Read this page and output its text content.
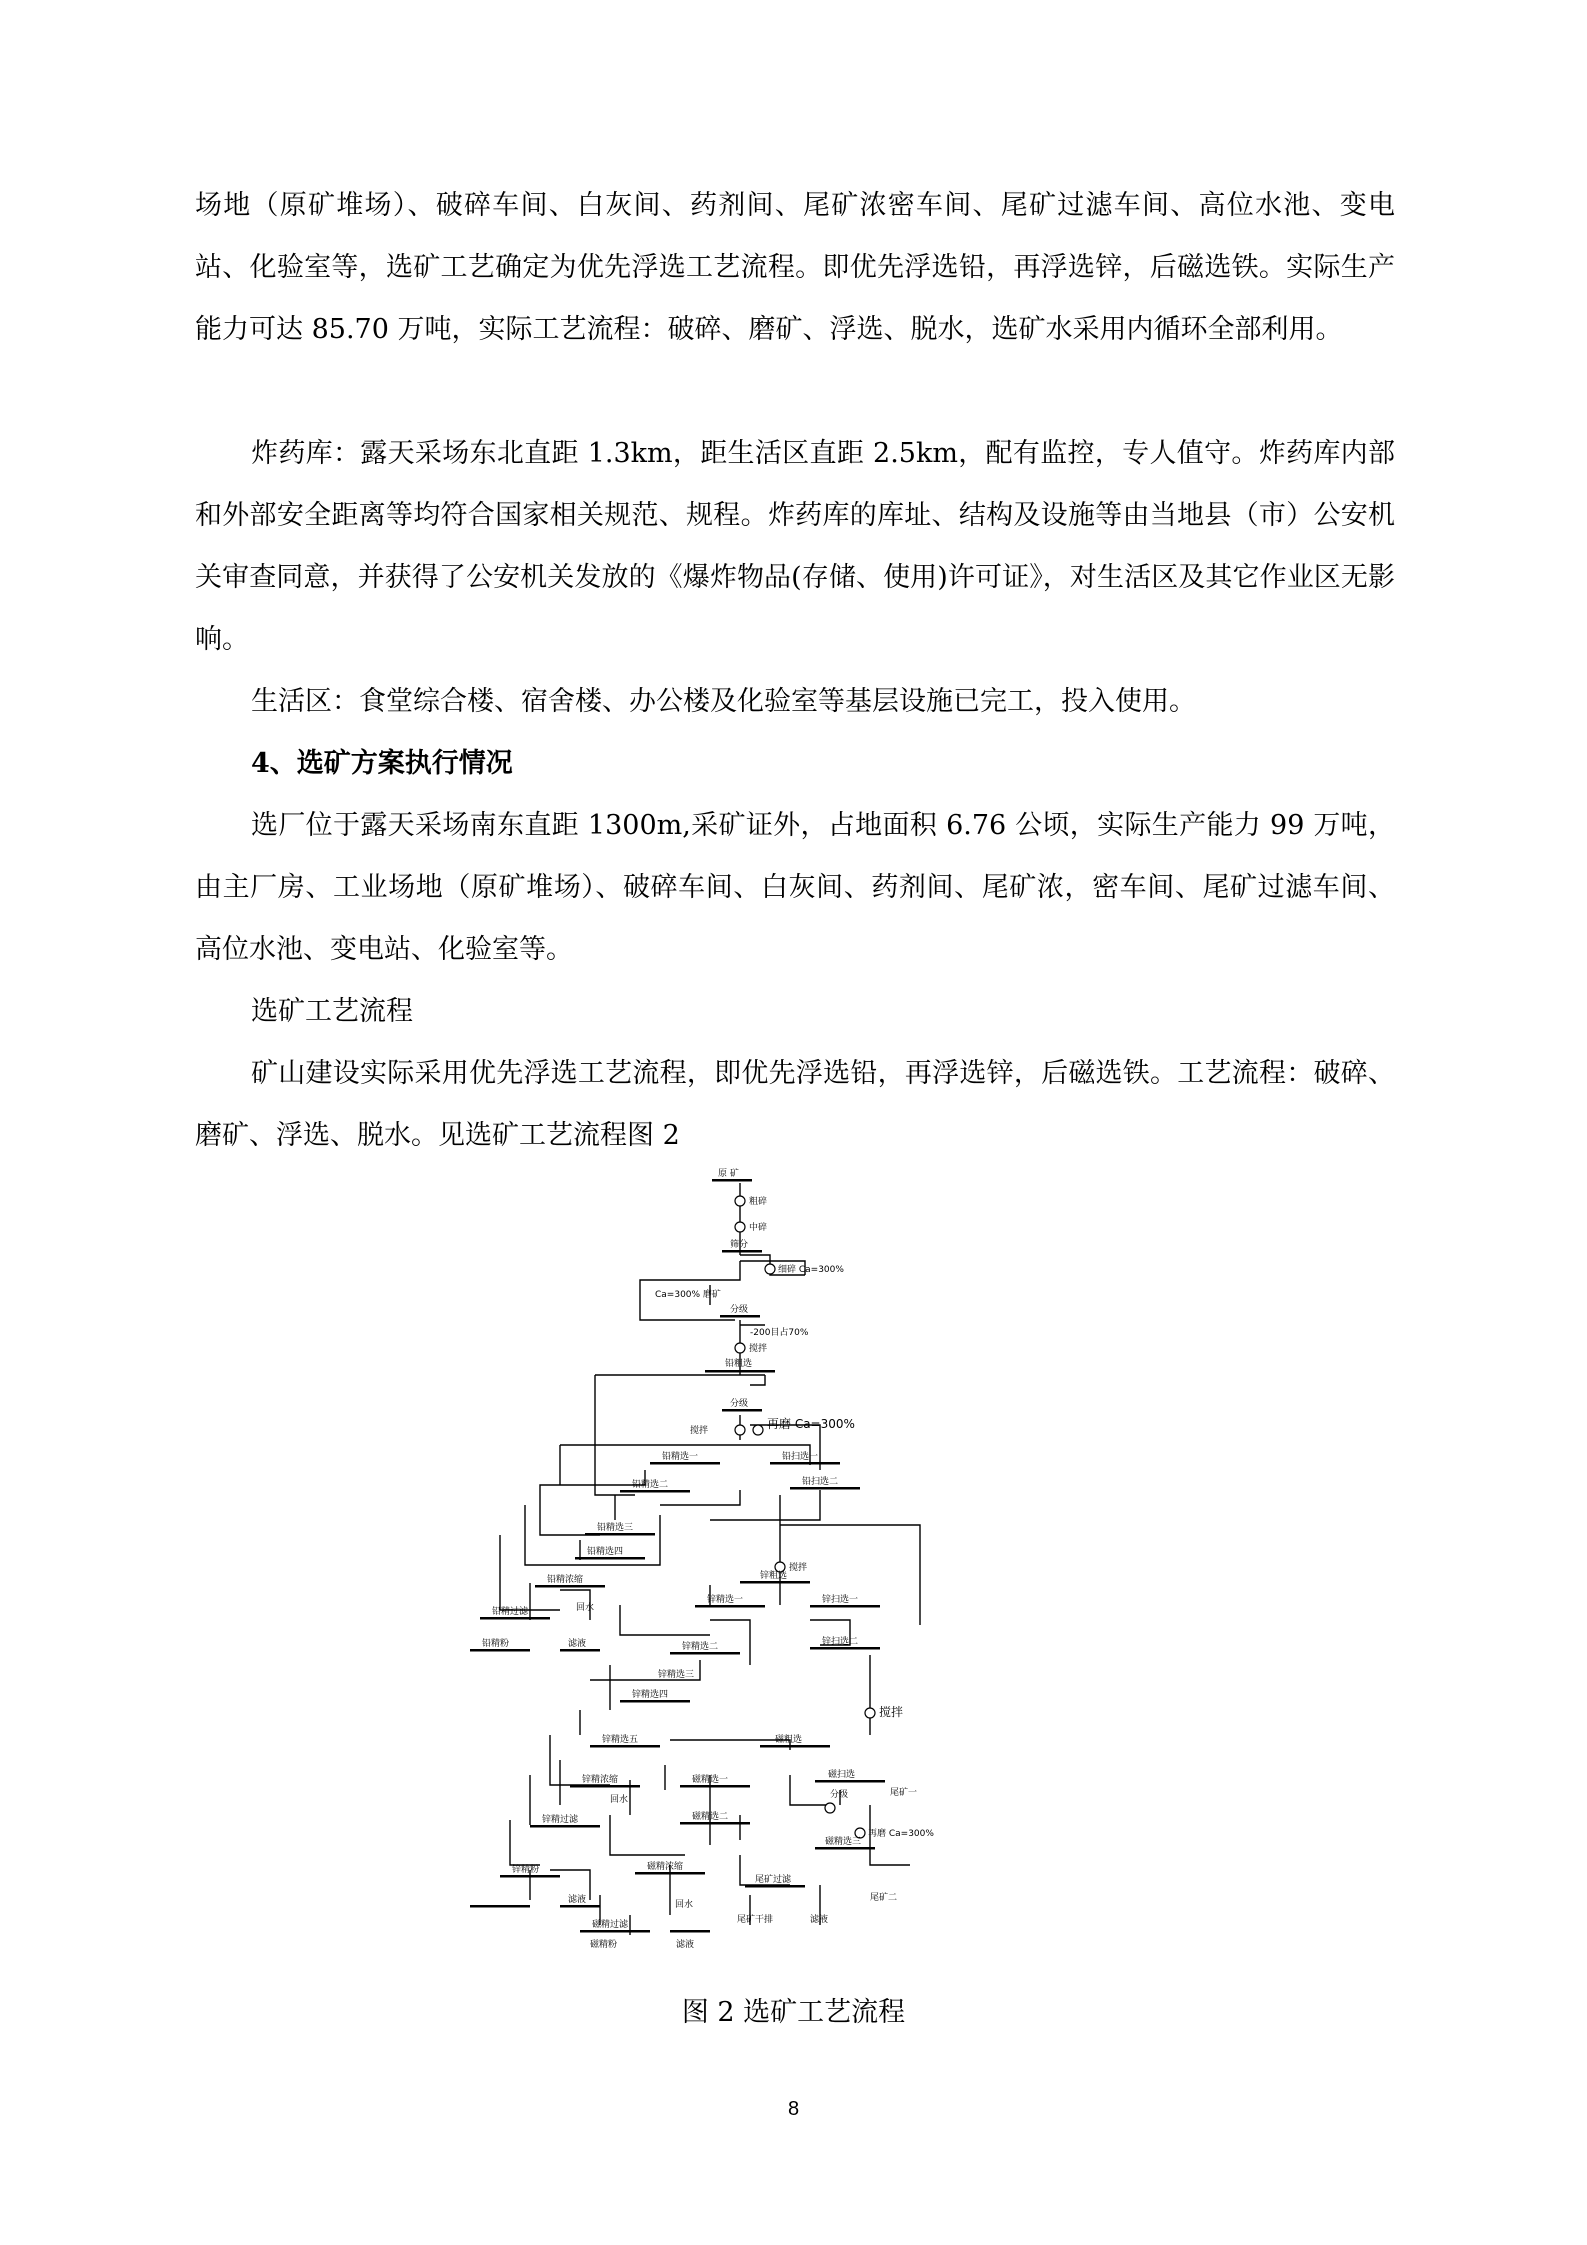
场地（原矿堆场）、破碎车间、白灰间、药剂间、尾矿浓密车间、尾矿过滤车间、高位水池、变电站、化验室等，选矿工艺确定为优先浮选工艺流程。即优先浮选铅，再浮选锌，后磁选铁。实际生产能力可达 85.70 万吨，实际工艺流程：破碎、磨矿、浮选、脱水，选矿水采用内循环全部利用。

炸药库：露天采场东北直距 1.3km，距生活区直距 2.5km，配有监控，专人值守。炸药库内部和外部安全距离等均符合国家相关规范、规程。炸药库的库址、结构及设施等由当地县（市）公安机关审查同意，并获得了公安机关发放的《爆炸物品(存储、使用)许可证》，对生活区及其它作业区无影响。

生活区：食堂综合楼、宿舍楼、办公楼及化验室等基层设施已完工，投入使用。

4、选矿方案执行情况

选厂位于露天采场南东直距 1300m,采矿证外，占地面积 6.76 公顷，实际生产能力 99 万吨，由主厂房、工业场地（原矿堆场）、破碎车间、白灰间、药剂间、尾矿浓，密车间、尾矿过滤车间、高位水池、变电站、化验室等。

选矿工艺流程

矿山建设实际采用优先浮选工艺流程，即优先浮选铅，再浮选锌，后磁选铁。工艺流程：破碎、磨矿、浮选、脱水。见选矿工艺流程图 2

原 矿
粗碎
中碎
筛分
细碎 Ca=300%
Ca=300% 磨矿
分级
-200目占70%
搅拌
铅粗选
分级
搅拌	再磨 Ca=300%
铅精选一	铅扫选一
铅精选二	铅扫选二
铅精选三
铅精选四
铅精浓缩
铅精过滤	回水
铅精粉	滤液
搅拌
锌粗选
锌精选一	锌扫选一
锌精选二	锌扫选二
锌精选三
锌精选四
锌精选五
锌精浓缩
回水
锌精过滤
锌精粉
滤液
搅拌
磁粗选
磁精选一	磁扫选
分级	尾矿一
磁精选二
再磨 Ca=300%
磁精选三
磁精浓缩
尾矿过滤
回水
尾矿干排	滤液
尾矿二
磁精过滤
磁精粉	滤液
图 2 选矿工艺流程
8
